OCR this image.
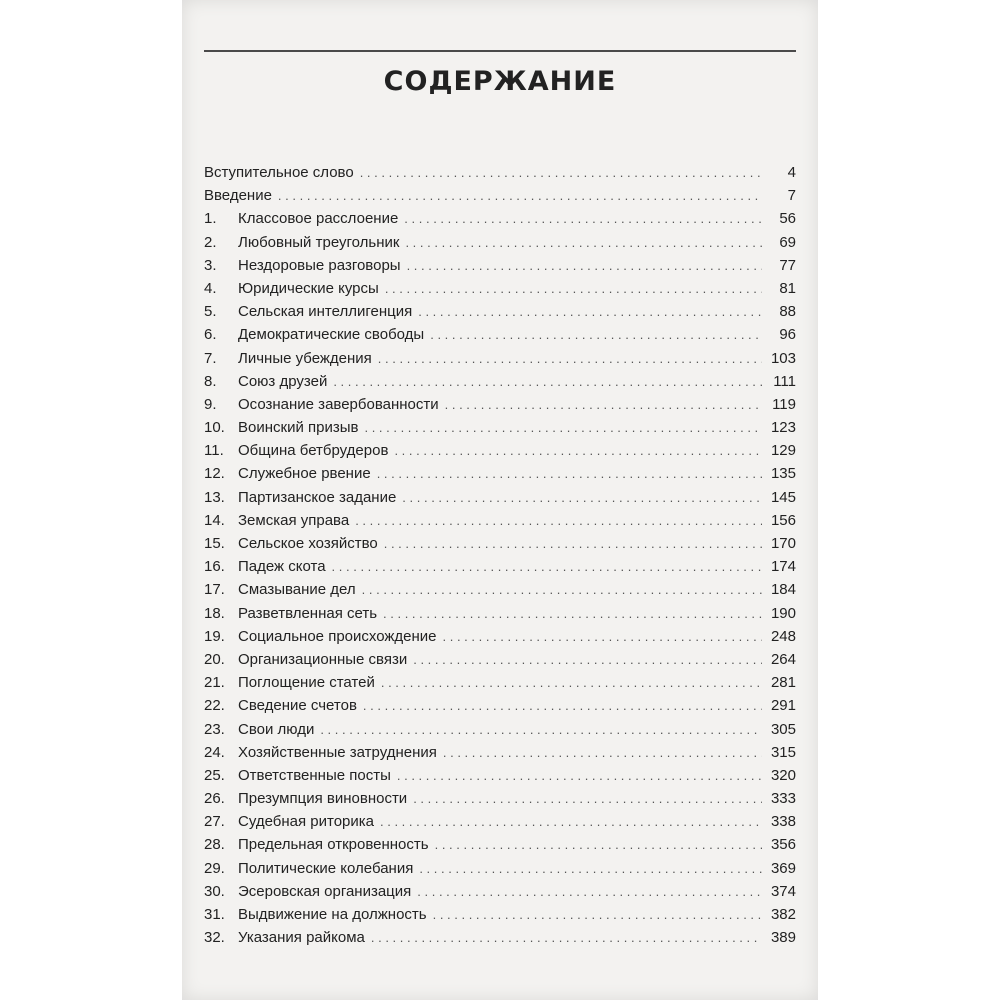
СОДЕРЖАНИЕ
Вступительное слово . . .	4
Введение . . .	7
1.	Классовое расслоение . . .	56
2.	Любовный треугольник . . .	69
3.	Нездоровые разговоры . . .	77
4.	Юридические курсы . . .	81
5.	Сельская интеллигенция . . .	88
6.	Демократические свободы . . .	96
7.	Личные убеждения . . .	103
8.	Союз друзей . . .	111
9.	Осознание завербованности . . .	119
10. Воинский призыв . . .	123
11. Община бетбрудеров . . .	129
12. Служебное рвение . . .	135
13. Партизанское задание . . .	145
14. Земская управа . . .	156
15. Сельское хозяйство . . .	170
16. Падеж скота . . .	174
17. Смазывание дел . . .	184
18. Разветвленная сеть . . .	190
19. Социальное происхождение . . .	248
20. Организационные связи . . .	264
21. Поглощение статей . . .	281
22. Сведение счетов . . .	291
23. Свои люди . . .	305
24. Хозяйственные затруднения . . .	315
25. Ответственные посты . . .	320
26. Презумпция виновности . . .	333
27. Судебная риторика . . .	338
28. Предельная откровенность . . .	356
29. Политические колебания . . .	369
30. Эсеровская организация . . .	374
31. Выдвижение на должность . . .	382
32. Указания райкома . . .	389
